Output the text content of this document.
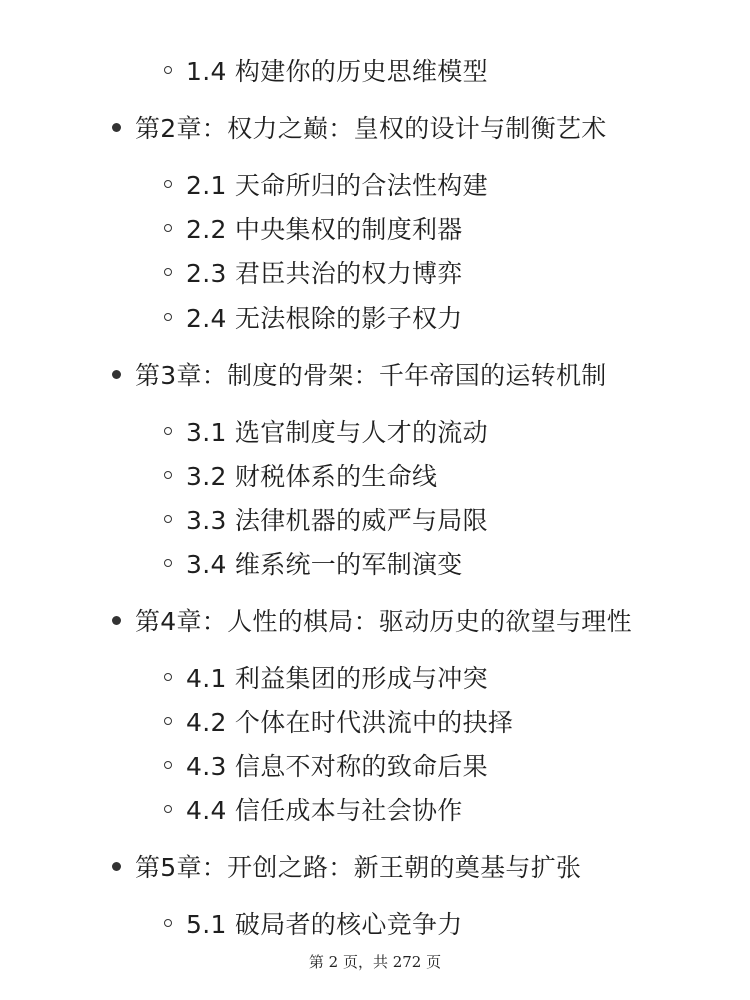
1.4 构建你的历史思维模型
第2章：权力之巅：皇权的设计与制衡艺术
2.1 天命所归的合法性构建
2.2 中央集权的制度利器
2.3 君臣共治的权力博弈
2.4 无法根除的影子权力
第3章：制度的骨架：千年帝国的运转机制
3.1 选官制度与人才的流动
3.2 财税体系的生命线
3.3 法律机器的威严与局限
3.4 维系统一的军制演变
第4章：人性的棋局：驱动历史的欲望与理性
4.1 利益集团的形成与冲突
4.2 个体在时代洪流中的抉择
4.3 信息不对称的致命后果
4.4 信任成本与社会协作
第5章：开创之路：新王朝的奠基与扩张
5.1 破局者的核心竞争力
第 2 页，共 272 页
